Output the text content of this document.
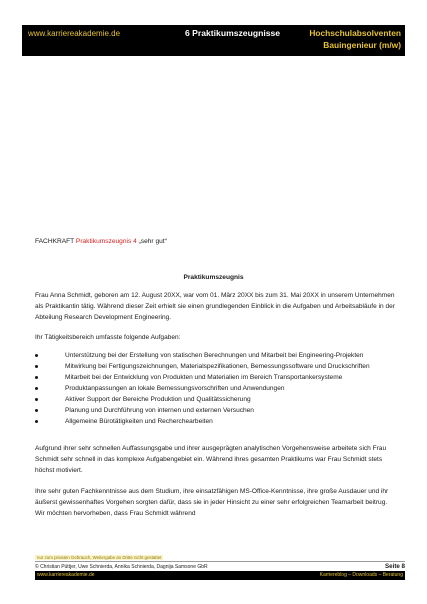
www.karriereakademie.de	6 Praktikumszeugnisse	Hochschulabsolventen
Bauingenieur (m/w)
FACHKRAFT Praktikumszeugnis 4 „sehr gut“
Praktikumszeugnis
Frau Anna Schmidt, geboren am 12. August 20XX, war vom 01. März 20XX bis zum 31. Mai 20XX in unserem Unternehmen als Praktikantin tätig. Während dieser Zeit erhielt sie einen grundlegenden Einblick in die Aufgaben und Arbeitsabläufe in der Abteilung Research Development Engineering.
Ihr Tätigkeitsbereich umfasste folgende Aufgaben:
Unterstützung bei der Erstellung von statischen Berechnungen und Mitarbeit bei Engineering-Projekten
Mitwirkung bei Fertigungszeichnungen, Materialspezifikationen, Bemessungssoftware und Druckschriften
Mitarbeit bei der Entwicklung von Produkten und Materialien im Bereich Transportankersysteme
Produktanpassungen an lokale Bemessungsvorschriften und Anwendungen
Aktiver Support der Bereiche Produktion und Qualitätssicherung
Planung und Durchführung von internen und externen Versuchen
Allgemeine Bürotätigkeiten und Recherchearbeiten
Aufgrund ihrer sehr schnellen Auffassungsgabe und ihrer ausgeprägten analytischen Vorgehensweise arbeitete sich Frau Schmidt sehr schnell in das komplexe Aufgabengebiet ein. Während ihres gesamten Praktikums war Frau Schmidt stets höchst motiviert.
Ihre sehr guten Fachkenntnisse aus dem Studium, ihre einsatzfähigen MS-Office-Kenntnisse, ihre große Ausdauer und ihr äußerst gewissenhaftes Vorgehen sorgten dafür, dass sie in jeder Hinsicht zu einer sehr erfolgreichen Teamarbeit beitrug. Wir möchten hervorheben, dass Frau Schmidt während
nur zum privaten Gebrauch, Weitergabe an Dritte nicht gestattet
© Christian Püttjer, Uwe Schnierda, Annika Schnierda, Dagnija Samsone GbR	Seite 8
www.karriereakademie.de	Karriereblog – Downloads – Beratung
